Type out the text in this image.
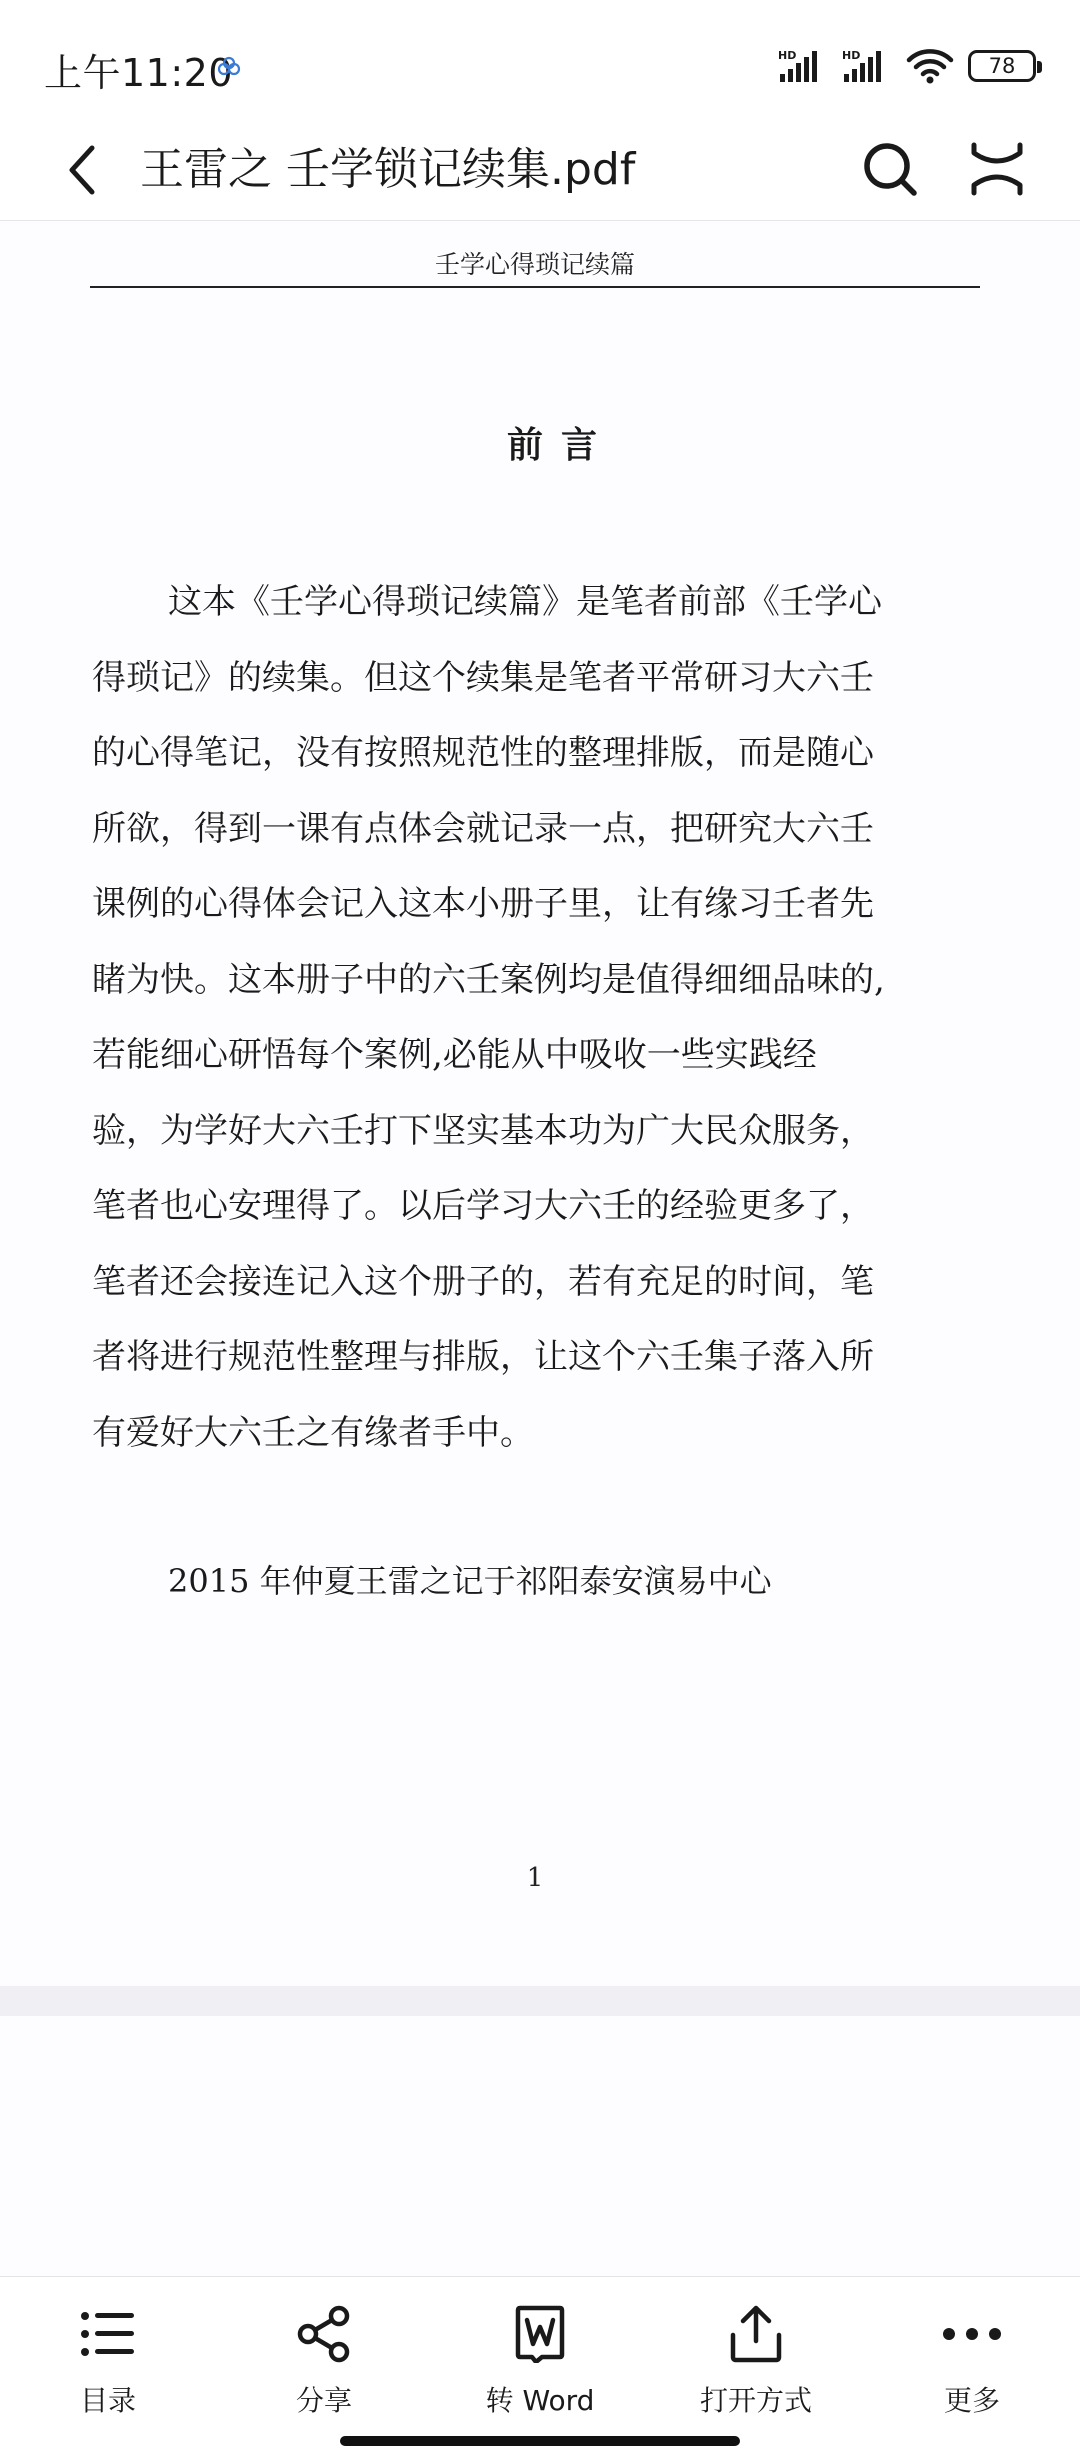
上午11:20	HD	HD	78
王雷之 壬学锁记续集.pdf
壬学心得琐记续篇
前言
这本《壬学心得琐记续篇》是笔者前部《壬学心
得琐记》的续集。但这个续集是笔者平常研习大六壬
的心得笔记，没有按照规范性的整理排版，而是随心
所欲，得到一课有点体会就记录一点，把研究大六壬
课例的心得体会记入这本小册子里，让有缘习壬者先
睹为快。这本册子中的六壬案例均是值得细细品味的,
若能细心研悟每个案例,必能从中吸收一些实践经
验，为学好大六壬打下坚实基本功为广大民众服务，
笔者也心安理得了。以后学习大六壬的经验更多了，
笔者还会接连记入这个册子的，若有充足的时间，笔
者将进行规范性整理与排版，让这个六壬集子落入所
有爱好大六壬之有缘者手中。
2015 年仲夏王雷之记于祁阳泰安演易中心
1
目录	分享	转 Word	打开方式	更多
